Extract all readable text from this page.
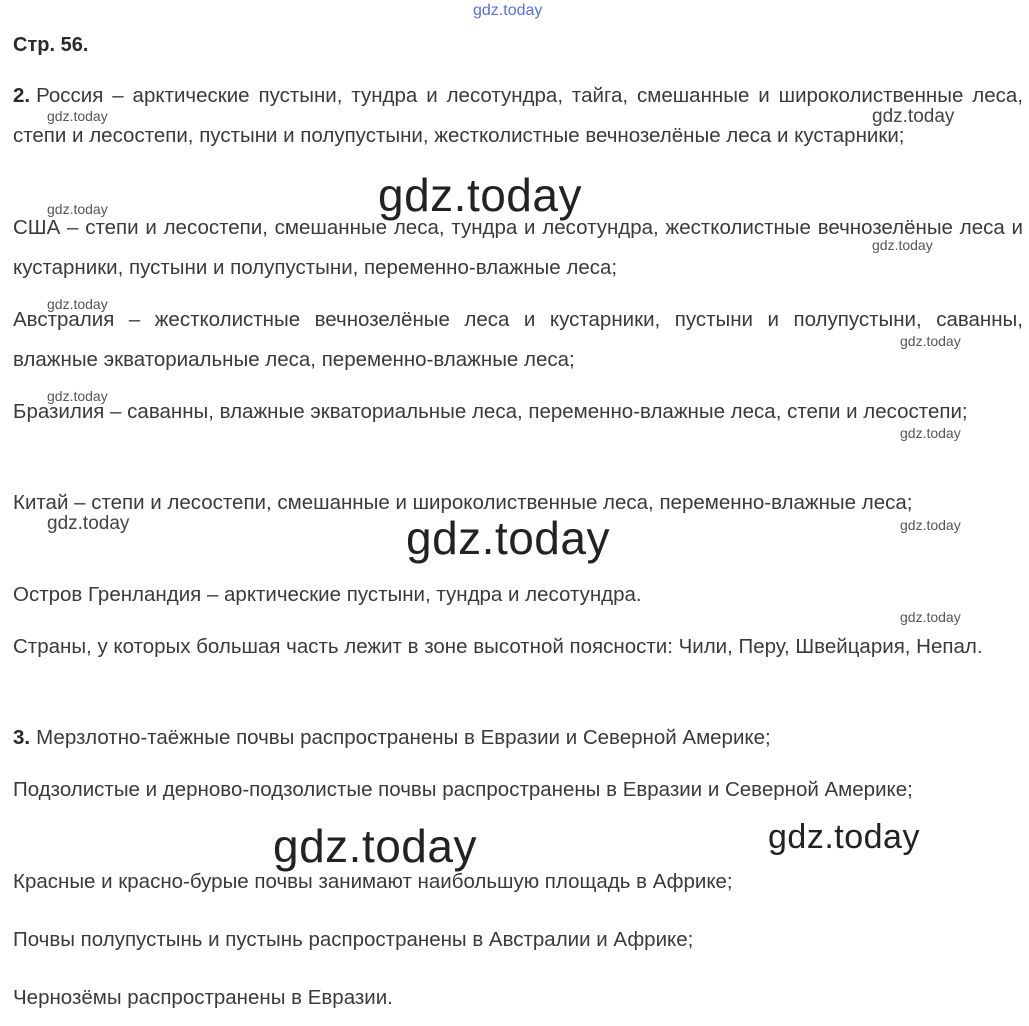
gdz.today
Стр. 56.
2. Россия – арктические пустыни, тундра и лесотундра, тайга, смешанные и широколиственные леса, степи и лесостепи, пустыни и полупустыни, жестколистные вечнозелёные леса и кустарники;
США – степи и лесостепи, смешанные леса, тундра и лесотундра, жестколистные вечнозелёные леса и кустарники, пустыни и полупустыни, переменно-влажные леса;
Австралия – жестколистные вечнозелёные леса и кустарники, пустыни и полупустыни, саванны, влажные экваториальные леса, переменно-влажные леса;
Бразилия – саванны, влажные экваториальные леса, переменно-влажные леса, степи и лесостепи;
Китай – степи и лесостепи, смешанные и широколиственные леса, переменно-влажные леса;
Остров Гренландия – арктические пустыни, тундра и лесотундра.
Страны, у которых большая часть лежит в зоне высотной поясности: Чили, Перу, Швейцария, Непал.
3. Мерзлотно-таёжные почвы распространены в Евразии и Северной Америке;
Подзолистые и дерново-подзолистые почвы распространены в Евразии и Северной Америке;
Красные и красно-бурые почвы занимают наибольшую площадь в Африке;
Почвы полупустынь и пустынь распространены в Австралии и Африке;
Чернозёмы распространены в Евразии.
gdz.today	gdz.today
gdz.today
gdz.today
gdz.today
gdz.today
gdz.today
gdz.today
gdz.today	gdz.today
gdz.today
gdz.today
gdz.today
gdz.today	gdz.today
